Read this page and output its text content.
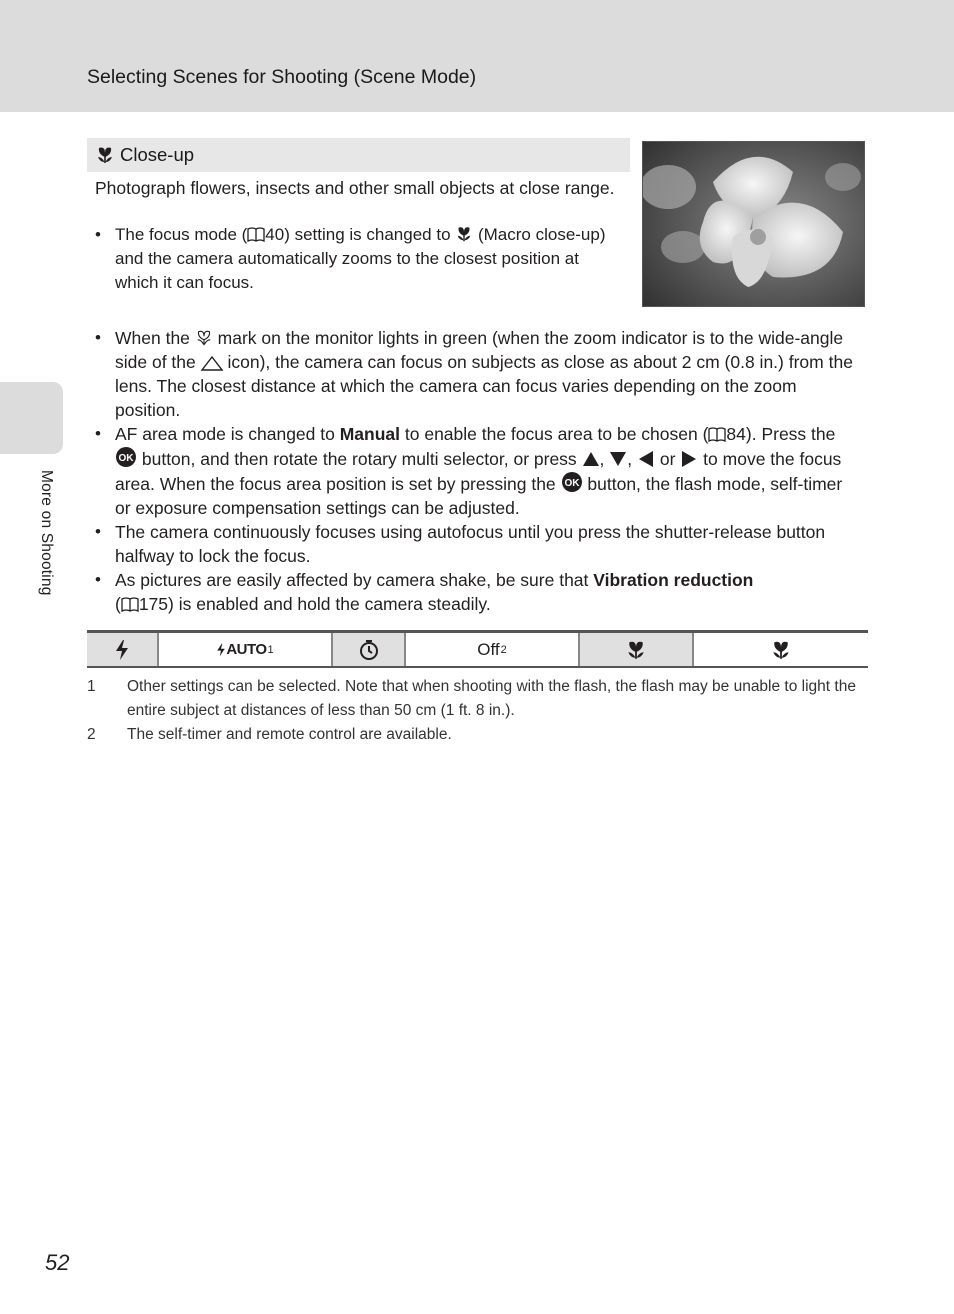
Selecting Scenes for Shooting (Scene Mode)
More on Shooting
Close-up

Photograph flowers, insects and other small objects at close range.

• The focus mode ( 40) setting is changed to  (Macro close-up) and the camera automatically zooms to the closest position at which it can focus.
• When the  mark on the monitor lights in green (when the zoom indicator is to the wide-angle side of the  icon), the camera can focus on subjects as close as about 2 cm (0.8 in.) from the lens. The closest distance at which the camera can focus varies depending on the zoom position.
• AF area mode is changed to Manual to enable the focus area to be chosen ( 84). Press the
OK button, and then rotate the rotary multi selector, or press , ,  or  to move the focus area. When the focus area position is set by pressing the OK button, the flash mode, self-timer or exposure compensation settings can be adjusted.
• The camera continuously focuses using autofocus until you press the shutter-release button halfway to lock the focus.
• As pictures are easily affected by camera shake, be sure that Vibration reduction
( 175) is enabled and hold the camera steadily.
AUTO 1	Off 2
1 Other settings can be selected. Note that when shooting with the flash, the flash may be unable to light the entire subject at distances of less than 50 cm (1 ft. 8 in.).
2 The self-timer and remote control are available.
52
